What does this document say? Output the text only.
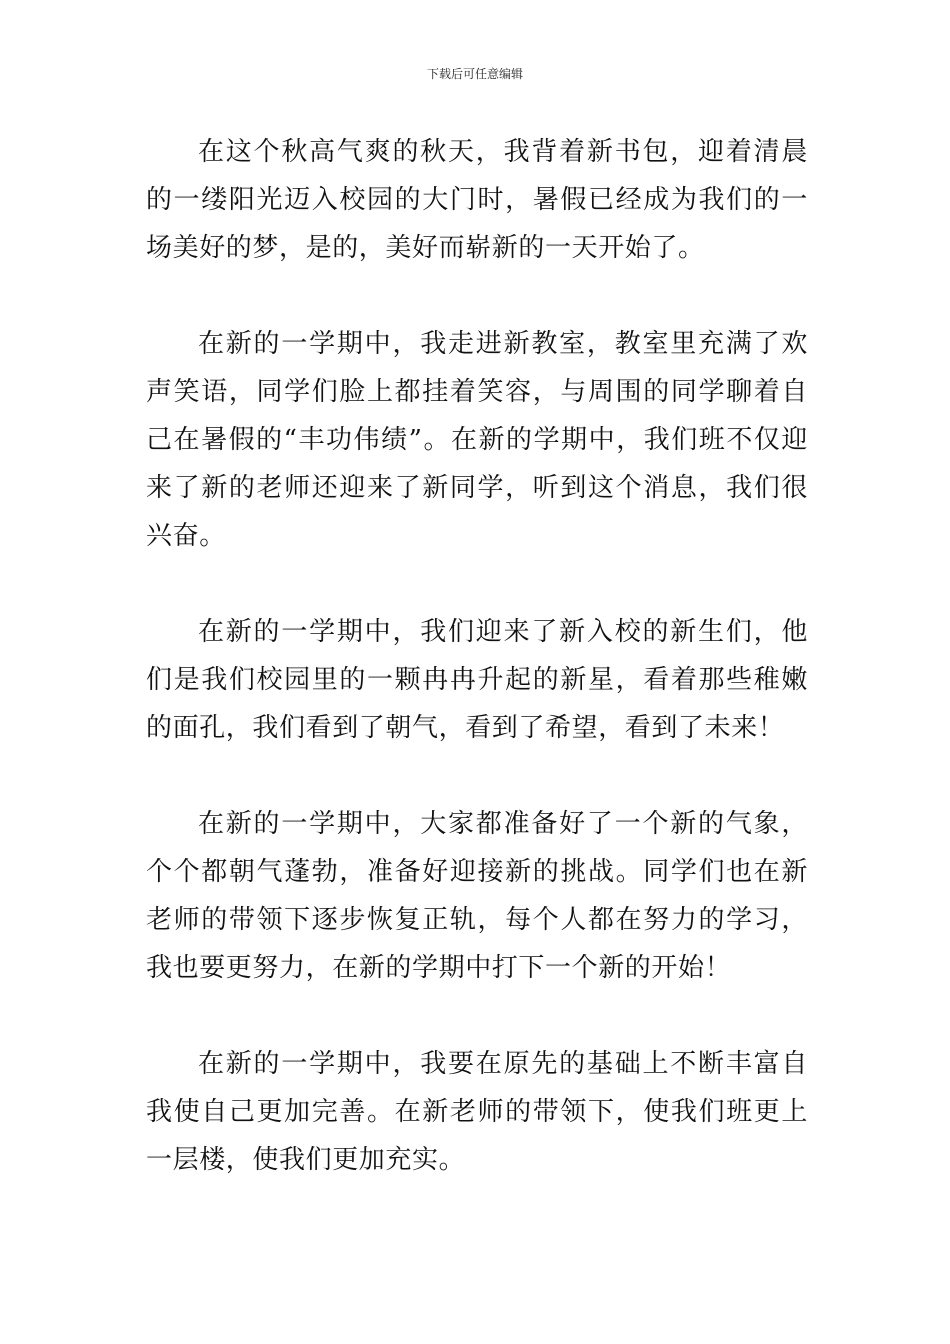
下载后可任意编辑

在这个秋高气爽的秋天，我背着新书包，迎着清晨的一缕阳光迈入校园的大门时，暑假已经成为我们的一场美好的梦，是的，美好而崭新的一天开始了。

在新的一学期中，我走进新教室，教室里充满了欢声笑语，同学们脸上都挂着笑容，与周围的同学聊着自己在暑假的“丰功伟绩”。在新的学期中，我们班不仅迎来了新的老师还迎来了新同学，听到这个消息，我们很兴奋。

在新的一学期中，我们迎来了新入校的新生们，他们是我们校园里的一颗冉冉升起的新星，看着那些稚嫩的面孔，我们看到了朝气，看到了希望，看到了未来！

在新的一学期中，大家都准备好了一个新的气象，个个都朝气蓬勃，准备好迎接新的挑战。同学们也在新老师的带领下逐步恢复正轨，每个人都在努力的学习，我也要更努力，在新的学期中打下一个新的开始！

在新的一学期中，我要在原先的基础上不断丰富自我使自己更加完善。在新老师的带领下，使我们班更上一层楼，使我们更加充实。
